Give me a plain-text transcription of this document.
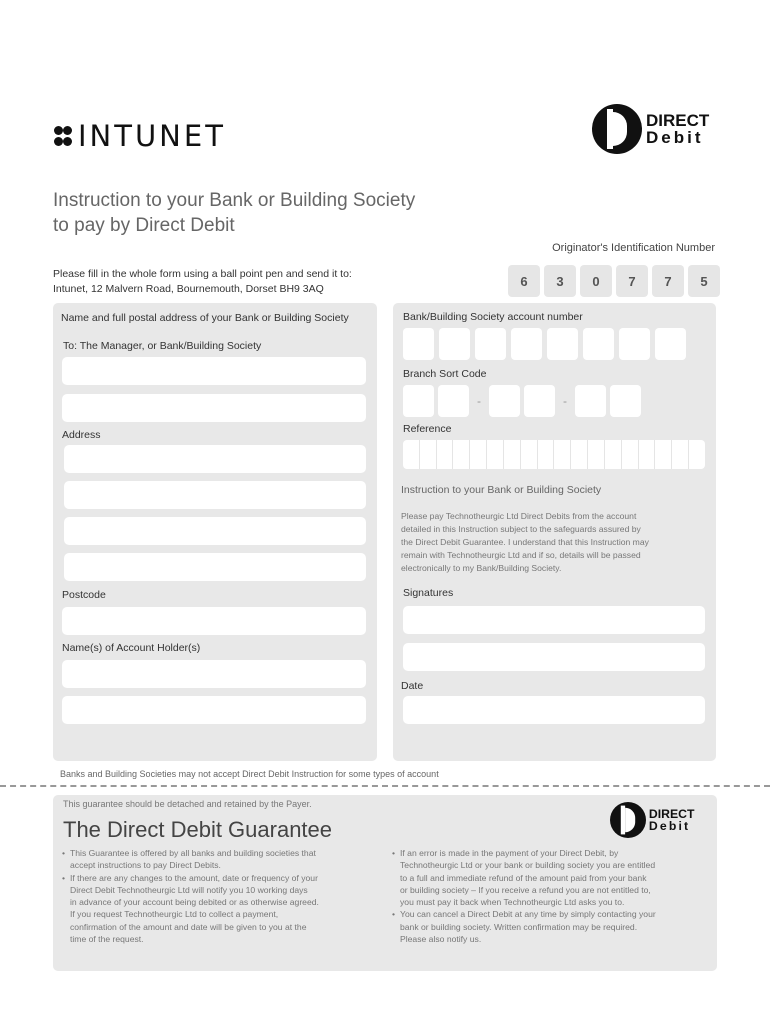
INTUNET	DIRECT
Debit
Instruction to your Bank or Building Society
to pay by Direct Debit
Originator's Identification Number
6	3	0	7	7	5
Please fill in the whole form using a ball point pen and send it to:
Intunet, 12 Malvern Road, Bournemouth, Dorset BH9 3AQ
Name and full postal address of your Bank or Building Society
To: The Manager, or Bank/Building Society
Address
Postcode
Name(s) of Account Holder(s)
Bank/Building Society account number
Branch Sort Code
-	-
Reference
Instruction to your Bank or Building Society
Please pay Technotheurgic Ltd Direct Debits from the account
detailed in this Instruction subject to the safeguards assured by
the Direct Debit Guarantee. I understand that this Instruction may
remain with Technotheurgic Ltd and if so, details will be passed
electronically to my Bank/Building Society.
Signatures
Date
Banks and Building Societies may not accept Direct Debit Instruction for some types of account
This guarantee should be detached and retained by the Payer.
The Direct Debit Guarantee
DIRECT
Debit
• This Guarantee is offered by all banks and building societies that
accept instructions to pay Direct Debits.
• If there are any changes to the amount, date or frequency of your
Direct Debit Technotheurgic Ltd will notify you 10 working days
in advance of your account being debited or as otherwise agreed.
If you request Technotheurgic Ltd to collect a payment,
confirmation of the amount and date will be given to you at the
time of the request.
• If an error is made in the payment of your Direct Debit, by
Technotheurgic Ltd or your bank or building society you are entitled
to a full and immediate refund of the amount paid from your bank
or building society – If you receive a refund you are not entitled to,
you must pay it back when Technotheurgic Ltd asks you to.
• You can cancel a Direct Debit at any time by simply contacting your
bank or building society. Written confirmation may be required.
Please also notify us.
